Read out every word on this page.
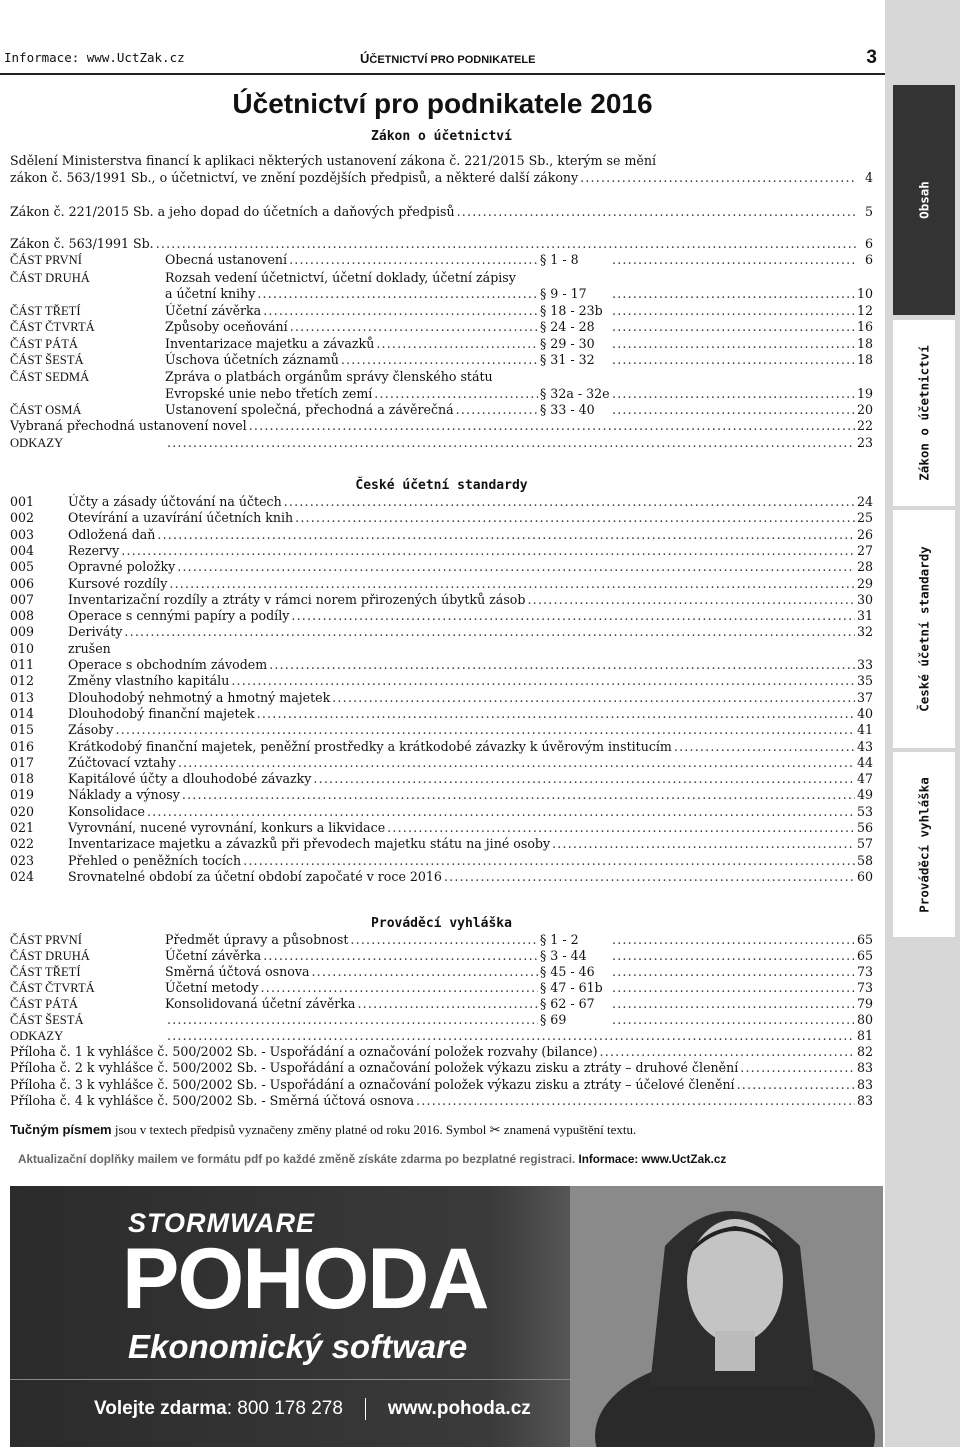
Informace: www.UctZak.cz	ÚČETNICTVÍ PRO PODNIKATELE	3
Účetnictví pro podnikatele 2016
Zákon o účetnictví
Sdělení Ministerstva financí k aplikaci některých ustanovení zákona č. 221/2015 Sb., kterým se mění
zákon č. 563/1991 Sb., o účetnictví, ve znění pozdějších předpisů, a některé další zákony .....	4
Zákon č. 221/2015 Sb. a jeho dopad do účetních a daňových předpisů .....	5
Zákon č. 563/1991 Sb. .....	6
ČÁST PRVNÍ	Obecná ustanovení .....	§ 1 - 8 .....	6
ČÁST DRUHÁ	Rozsah vedení účetnictví, účetní doklady, účetní zápisy
a účetní knihy .....	§ 9 - 17 .....	10
ČÁST TŘETÍ	Účetní závěrka .....	§ 18 - 23b .....	12
ČÁST ČTVRTÁ	Způsoby oceňování .....	§ 24 - 28 .....	16
ČÁST PÁTÁ	Inventarizace majetku a závazků .....	§ 29 - 30 .....	18
ČÁST ŠESTÁ	Úschova účetních záznamů .....	§ 31 - 32 .....	18
ČÁST SEDMÁ	Zpráva o platbách orgánům správy členského státu
Evropské unie nebo třetích zemí .....	§ 32a - 32e .....	19
ČÁST OSMÁ	Ustanovení společná, přechodná a závěrečná .....	§ 33 - 40 .....	20
Vybraná přechodná ustanovení novel .....	22
ODKAZY .....	23
České účetní standardy
001	Účty a zásady účtování na účtech .....	24
002	Otevírání a uzavírání účetních knih .....	25
003	Odložená daň .....	26
004	Rezervy .....	27
005	Opravné položky .....	28
006	Kursové rozdíly .....	29
007	Inventarizační rozdíly a ztráty v rámci norem přirozených úbytků zásob .....	30
008	Operace s cennými papíry a podíly .....	31
009	Deriváty .....	32
010	zrušen
011	Operace s obchodním závodem .....	33
012	Změny vlastního kapitálu .....	35
013	Dlouhodobý nehmotný a hmotný majetek .....	37
014	Dlouhodobý finanční majetek .....	40
015	Zásoby .....	41
016	Krátkodobý finanční majetek, peněžní prostředky a krátkodobé závazky k úvěrovým institucím .....	43
017	Zúčtovací vztahy .....	44
018	Kapitálové účty a dlouhodobé závazky .....	47
019	Náklady a výnosy .....	49
020	Konsolidace .....	53
021	Vyrovnání, nucené vyrovnání, konkurs a likvidace .....	56
022	Inventarizace majetku a závazků při převodech majetku státu na jiné osoby .....	57
023	Přehled o peněžních tocích .....	58
024	Srovnatelné období za účetní období započaté v roce 2016 .....	60
Prováděcí vyhláška
ČÁST PRVNÍ	Předmět úpravy a působnost .....	§ 1 - 2 .....	65
ČÁST DRUHÁ	Účetní závěrka .....	§ 3 - 44 .....	65
ČÁST TŘETÍ	Směrná účtová osnova .....	§ 45 - 46 .....	73
ČÁST ČTVRTÁ	Účetní metody .....	§ 47 - 61b .....	73
ČÁST PÁTÁ	Konsolidovaná účetní závěrka .....	§ 62 - 67 .....	79
ČÁST ŠESTÁ .....	§ 69 .....	80
ODKAZY .....	81
Příloha č. 1 k vyhlášce č. 500/2002 Sb. - Uspořádání a označování položek rozvahy (bilance) .....	82
Příloha č. 2 k vyhlášce č. 500/2002 Sb. - Uspořádání a označování položek výkazu zisku a ztráty – druhové členění .....	83
Příloha č. 3 k vyhlášce č. 500/2002 Sb. - Uspořádání a označování položek výkazu zisku a ztráty – účelové členění .....	83
Příloha č. 4 k vyhlášce č. 500/2002 Sb. - Směrná účtová osnova .....	83
Obsah
Zákon o účetnictví
České účetní standardy
Prováděcí vyhláška
Tučným písmem jsou v textech předpisů vyznačeny změny platné od roku 2016. Symbol ✂ znamená vypuštění textu.
Aktualizační doplňky mailem ve formátu pdf po každé změně získáte zdarma po bezplatné registraci. Informace: www.UctZak.cz
STORMWARE
POHODA
Ekonomický software
Volejte zdarma: 800 178 278 www.pohoda.cz
